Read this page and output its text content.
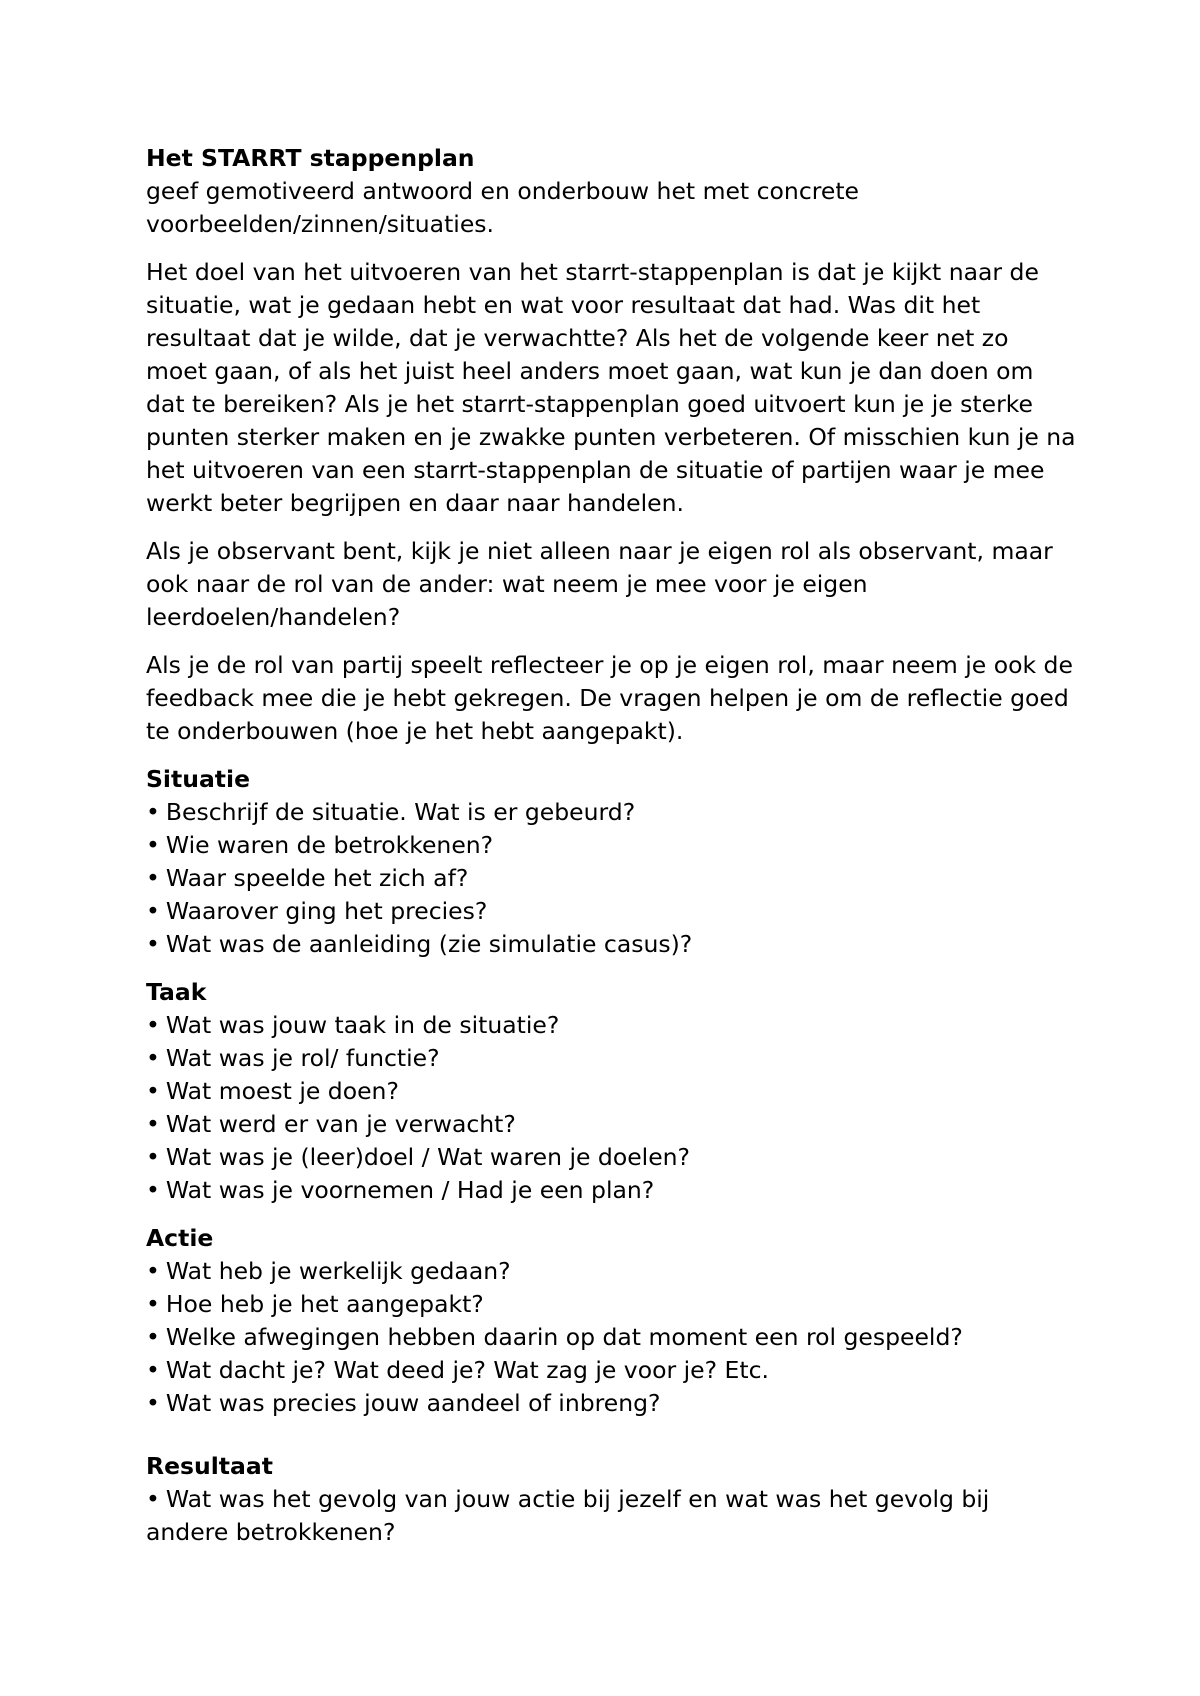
Het STARRT stappenplan

geef gemotiveerd antwoord en onderbouw het met concrete voorbeelden/zinnen/situaties.

Het doel van het uitvoeren van het starrt-stappenplan is dat je kijkt naar de situatie, wat je gedaan hebt en wat voor resultaat dat had. Was dit het resultaat dat je wilde, dat je verwachtte? Als het de volgende keer net zo moet gaan, of als het juist heel anders moet gaan, wat kun je dan doen om dat te bereiken? Als je het starrt-stappenplan goed uitvoert kun je je sterke punten sterker maken en je zwakke punten verbeteren. Of misschien kun je na het uitvoeren van een starrt-stappenplan de situatie of partijen waar je mee werkt beter begrijpen en daar naar handelen.

Als je observant bent, kijk je niet alleen naar je eigen rol als observant, maar ook naar de rol van de ander: wat neem je mee voor je eigen leerdoelen/handelen?

Als je de rol van partij speelt reflecteer je op je eigen rol, maar neem je ook de feedback mee die je hebt gekregen. De vragen helpen je om de reflectie goed te onderbouwen (hoe je het hebt aangepakt).

Situatie

• Beschrijf de situatie. Wat is er gebeurd?
• Wie waren de betrokkenen?
• Waar speelde het zich af?
• Waarover ging het precies?
• Wat was de aanleiding (zie simulatie casus)?

Taak

• Wat was jouw taak in de situatie?
• Wat was je rol/ functie?
• Wat moest je doen?
• Wat werd er van je verwacht?
• Wat was je (leer)doel / Wat waren je doelen?
• Wat was je voornemen / Had je een plan?

Actie

• Wat heb je werkelijk gedaan?
• Hoe heb je het aangepakt?
• Welke afwegingen hebben daarin op dat moment een rol gespeeld?
• Wat dacht je? Wat deed je? Wat zag je voor je? Etc.
• Wat was precies jouw aandeel of inbreng?

Resultaat

• Wat was het gevolg van jouw actie bij jezelf en wat was het gevolg bij andere betrokkenen?
